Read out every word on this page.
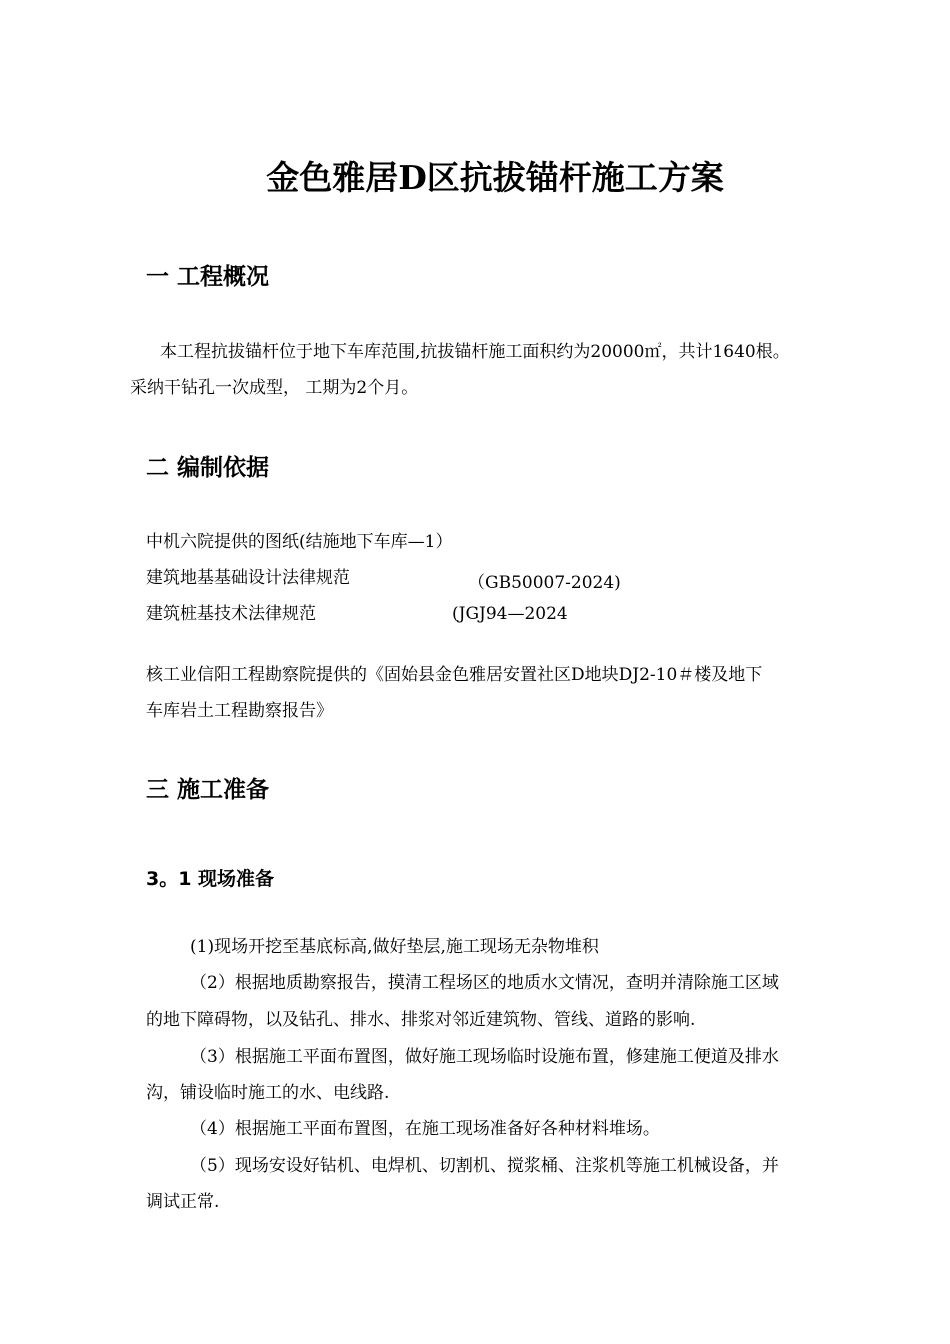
金色雅居D区抗拔锚杆施工方案
一 工程概况
本工程抗拔锚杆位于地下车库范围,抗拔锚杆施工面积约为20000㎡，共计1640根。
采纳干钻孔一次成型， 工期为2个月。
二 编制依据
中机六院提供的图纸(结施地下车库—1）
建筑地基基础设计法律规范	（GB50007-2024)
建筑桩基技术法律规范	(JGJ94—2024
核工业信阳工程勘察院提供的《固始县金色雅居安置社区D地块DJ2-10＃楼及地下
车库岩土工程勘察报告》
三 施工准备
3。1 现场准备
(1)现场开挖至基底标高,做好垫层,施工现场无杂物堆积
（2）根据地质勘察报告，摸清工程场区的地质水文情况，查明并清除施工区域
的地下障碍物，以及钻孔、排水、排浆对邻近建筑物、管线、道路的影响.
（3）根据施工平面布置图，做好施工现场临时设施布置，修建施工便道及排水
沟，铺设临时施工的水、电线路.
（4）根据施工平面布置图，在施工现场准备好各种材料堆场。
（5）现场安设好钻机、电焊机、切割机、搅浆桶、注浆机等施工机械设备，并
调试正常.
